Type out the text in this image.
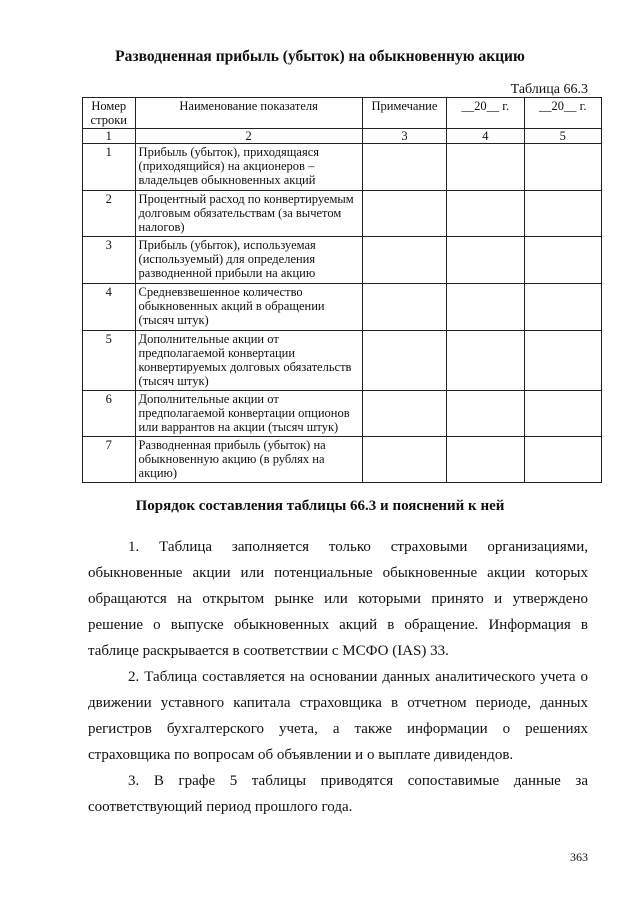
Разводненная прибыль (убыток) на обыкновенную акцию
Таблица 66.3
Номер строки	Наименование показателя	Примечание	__20__ г.	__20__ г.
1	2	3	4	5
1	Прибыль (убыток), приходящаяся (приходящийся) на акционеров – владельцев обыкновенных акций			
2	Процентный расход по конвертируемым долговым обязательствам (за вычетом налогов)			
3	Прибыль (убыток), используемая (используемый) для определения разводненной прибыли на акцию			
4	Средневзвешенное количество обыкновенных акций в обращении (тысяч штук)			
5	Дополнительные акции от предполагаемой конвертации конвертируемых долговых обязательств (тысяч штук)			
6	Дополнительные акции от предполагаемой конвертации опционов или варрантов на акции (тысяч штук)			
7	Разводненная прибыль (убыток) на обыкновенную акцию (в рублях на акцию)			
Порядок составления таблицы 66.3 и пояснений к ней

1. Таблица заполняется только страховыми организациями, обыкновенные акции или потенциальные обыкновенные акции которых обращаются на открытом рынке или которыми принято и утверждено решение о выпуске обыкновенных акций в обращение. Информация в таблице раскрывается в соответствии с МСФО (IAS) 33.

2. Таблица составляется на основании данных аналитического учета о движении уставного капитала страховщика в отчетном периоде, данных регистров бухгалтерского учета, а также информации о решениях страховщика по вопросам об объявлении и о выплате дивидендов.

3. В графе 5 таблицы приводятся сопоставимые данные за соответствующий период прошлого года.

363
